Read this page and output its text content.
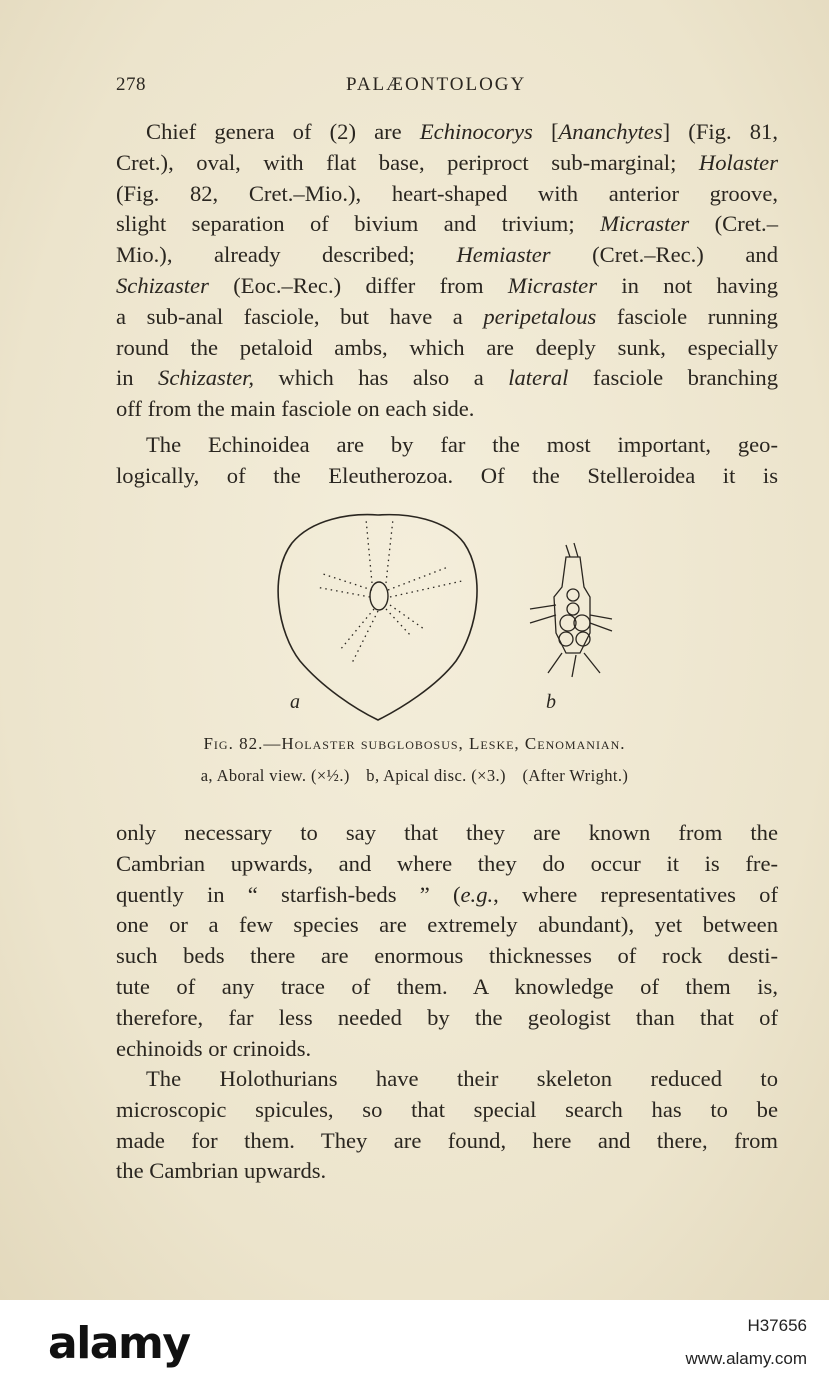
278	PALÆONTOLOGY

Chief genera of (2) are Echinocorys [Ananchytes] (Fig. 81,
Cret.), oval, with flat base, periproct sub-marginal; Holaster
(Fig. 82, Cret.–Mio.), heart-shaped with anterior groove,
slight separation of bivium and trivium; Micraster (Cret.–
Mio.), already described; Hemiaster (Cret.–Rec.) and
Schizaster (Eoc.–Rec.) differ from Micraster in not having
a sub-anal fasciole, but have a peripetalous fasciole running
round the petaloid ambs, which are deeply sunk, especially
in Schizaster, which has also a lateral fasciole branching
off from the main fasciole on each side.

The Echinoidea are by far the most important, geo-
logically, of the Eleutherozoa. Of the Stelleroidea it is

a	b
Fig. 82.—Holaster subglobosus, Leske, Cenomanian.
a, Aboral view. (×½.) b, Apical disc. (×3.) (After Wright.)

only necessary to say that they are known from the
Cambrian upwards, and where they do occur it is fre-
quently in “ starfish-beds ” (e.g., where representatives of
one or a few species are extremely abundant), yet between
such beds there are enormous thicknesses of rock desti-
tute of any trace of them. A knowledge of them is,
therefore, far less needed by the geologist than that of
echinoids or crinoids.

The Holothurians have their skeleton reduced to
microscopic spicules, so that special search has to be
made for them. They are found, here and there, from
the Cambrian upwards.

alamy	H37656
www.alamy.com
